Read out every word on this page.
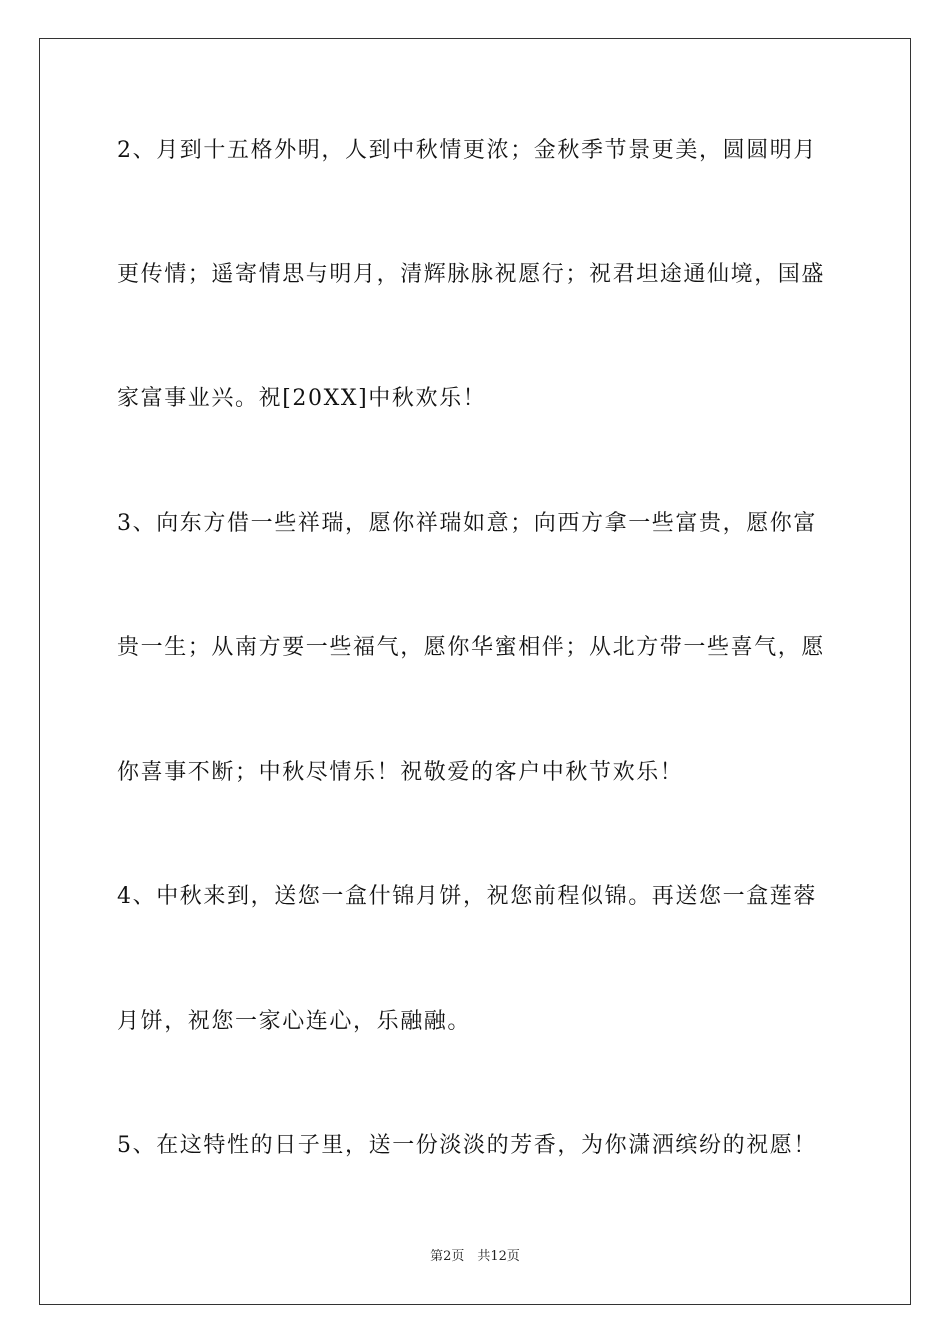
2、月到十五格外明，人到中秋情更浓；金秋季节景更美，圆圆明月
更传情；遥寄情思与明月，清辉脉脉祝愿行；祝君坦途通仙境，国盛
家富事业兴。祝[20XX]中秋欢乐！
3、向东方借一些祥瑞，愿你祥瑞如意；向西方拿一些富贵，愿你富
贵一生；从南方要一些福气，愿你华蜜相伴；从北方带一些喜气，愿
你喜事不断；中秋尽情乐！祝敬爱的客户中秋节欢乐！
4、中秋来到，送您一盒什锦月饼，祝您前程似锦。再送您一盒莲蓉
月饼，祝您一家心连心，乐融融。
5、在这特性的日子里，送一份淡淡的芳香，为你潇洒缤纷的祝愿！
第2页　共12页
